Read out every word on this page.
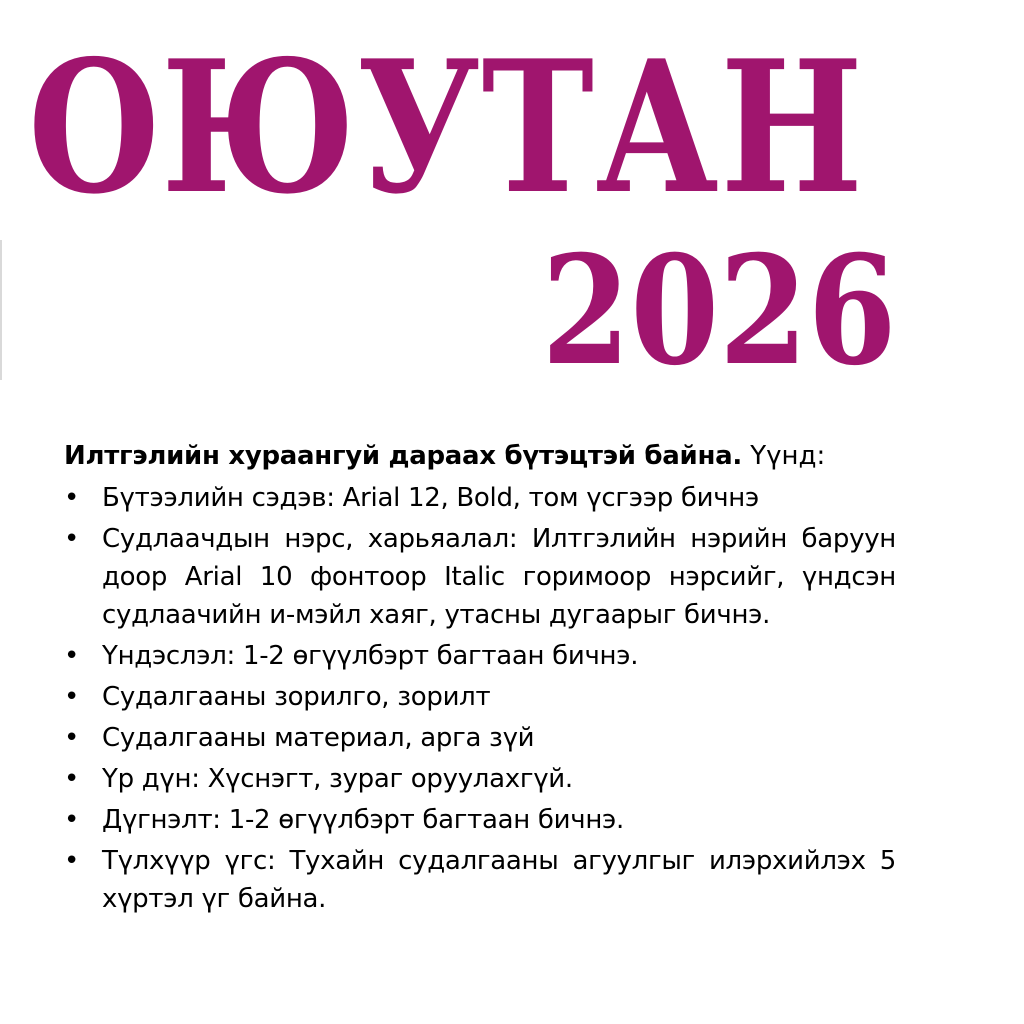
ОЮУТАН
2026

Илтгэлийн хураангуй дараах бүтэцтэй байна. Үүнд:

• Бүтээлийн сэдэв: Arial 12, Bold, том үсгээр бичнэ
• Судлаачдын нэрс, харьяалал: Илтгэлийн нэрийн баруун доор Arial 10 фонтоор Italic горимоор нэрсийг, үндсэн судлаачийн и-мэйл хаяг, утасны дугаарыг бичнэ.
• Үндэслэл: 1-2 өгүүлбэрт багтаан бичнэ.
• Судалгааны зорилго, зорилт
• Судалгааны материал, арга зүй
• Үр дүн: Хүснэгт, зураг оруулахгүй.
• Дүгнэлт: 1-2 өгүүлбэрт багтаан бичнэ.
• Түлхүүр үгс: Тухайн судалгааны агуулгыг илэрхийлэх 5 хүртэл үг байна.
